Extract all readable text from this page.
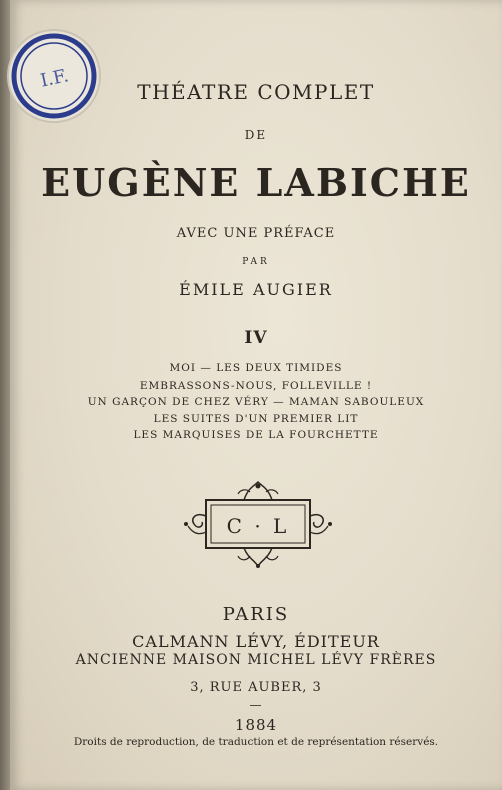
I.F.
THÉATRE COMPLET
DE
EUGÈNE LABICHE
AVEC UNE PRÉFACE
PAR
ÉMILE AUGIER
IV
MOI — LES DEUX TIMIDES
EMBRASSONS-NOUS, FOLLEVILLE !
UN GARÇON DE CHEZ VÉRY — MAMAN SABOULEUX
LES SUITES D'UN PREMIER LIT
LES MARQUISES DE LA FOURCHETTE
C · L
PARIS
CALMANN LÉVY, ÉDITEUR
ANCIENNE MAISON MICHEL LÉVY FRÈRES
3, RUE AUBER, 3
—
1884
Droits de reproduction, de traduction et de représentation réservés.
